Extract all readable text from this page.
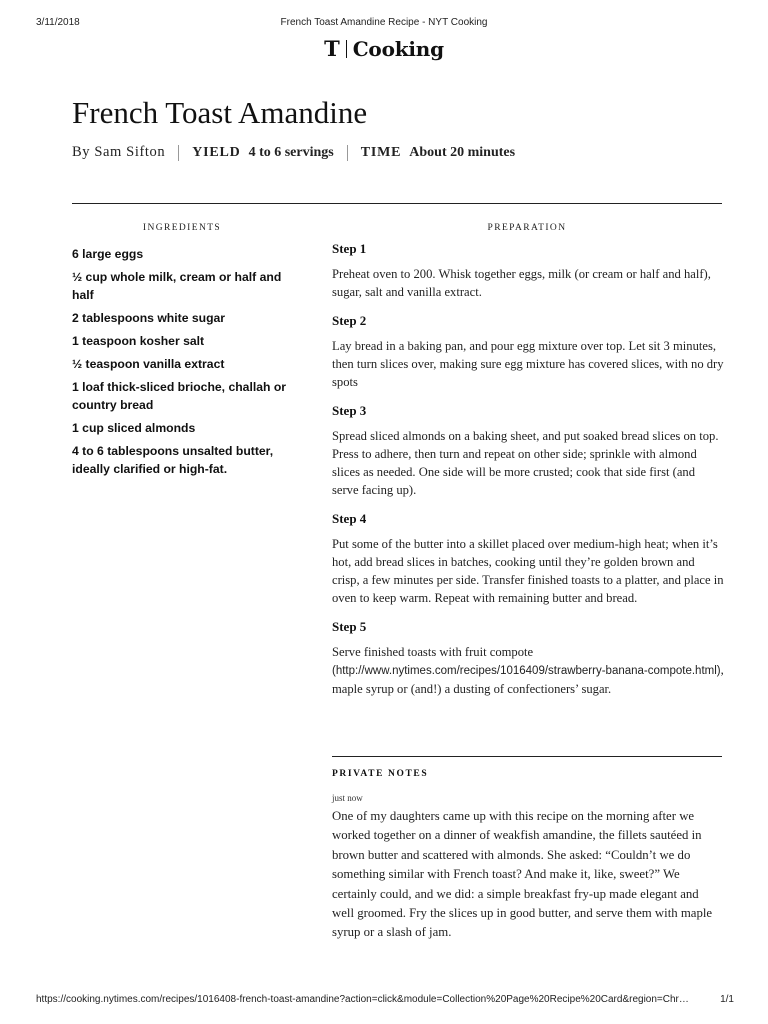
3/11/2018	French Toast Amandine Recipe - NYT Cooking
T Cooking
French Toast Amandine
By Sam Sifton YIELD 4 to 6 servings TIME About 20 minutes
INGREDIENTS	PREPARATION
6 large eggs
½ cup whole milk, cream or half and half
2 tablespoons white sugar
1 teaspoon kosher salt
½ teaspoon vanilla extract
1 loaf thick-sliced brioche, challah or country bread
1 cup sliced almonds
4 to 6 tablespoons unsalted butter, ideally clarified or high-fat.

Step 1

Preheat oven to 200. Whisk together eggs, milk (or cream or half and half), sugar, salt and vanilla extract.

Step 2

Lay bread in a baking pan, and pour egg mixture over top. Let sit 3 minutes, then turn slices over, making sure egg mixture has covered slices, with no dry spots

Step 3

Spread sliced almonds on a baking sheet, and put soaked bread slices on top. Press to adhere, then turn and repeat on other side; sprinkle with almond slices as needed. One side will be more crusted; cook that side first (and serve facing up).

Step 4

Put some of the butter into a skillet placed over medium-high heat; when it’s hot, add bread slices in batches, cooking until they’re golden brown and crisp, a few minutes per side. Transfer finished toasts to a platter, and place in oven to keep warm. Repeat with remaining butter and bread.

Step 5

Serve finished toasts with fruit compote (http://www.nytimes.com/recipes/1016409/strawberry-banana-compote.html), maple syrup or (and!) a dusting of confectioners’ sugar.

PRIVATE NOTES
just now

One of my daughters came up with this recipe on the morning after we worked together on a dinner of weakfish amandine, the fillets sautéed in brown butter and scattered with almonds. She asked: “Couldn’t we do something similar with French toast? And make it, like, sweet?” We certainly could, and we did: a simple breakfast fry-up made elegant and well groomed. Fry the slices up in good butter, and serve them with maple syrup or a slash of jam.

https://cooking.nytimes.com/recipes/1016408-french-toast-amandine?action=click&module=Collection%20Page%20Recipe%20Card&region=Chr…	1/1
